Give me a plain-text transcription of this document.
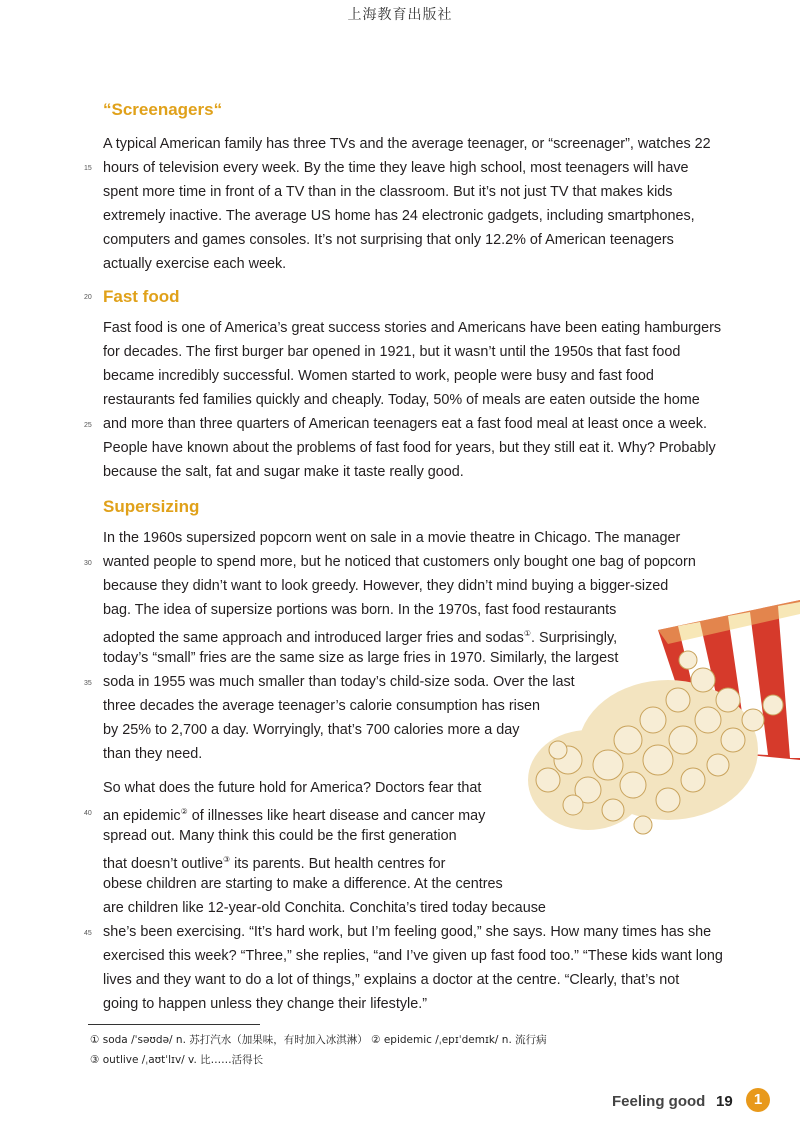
上海教育出版社
“Screenagers“
A typical American family has three TVs and the average teenager, or “screenager”, watches 22
hours of television every week. By the time they leave high school, most teenagers will have
spent more time in front of a TV than in the classroom. But it’s not just TV that makes kids
extremely inactive. The average US home has 24 electronic gadgets, including smartphones,
computers and games consoles. It’s not surprising that only 12.2% of American teenagers
actually exercise each week.
15
Fast food
20
Fast food is one of America’s great success stories and Americans have been eating hamburgers
for decades. The first burger bar opened in 1921, but it wasn’t until the 1950s that fast food
became incredibly successful. Women started to work, people were busy and fast food
restaurants fed families quickly and cheaply. Today, 50% of meals are eaten outside the home
and more than three quarters of American teenagers eat a fast food meal at least once a week.
People have known about the problems of fast food for years, but they still eat it. Why? Probably
because the salt, fat and sugar make it taste really good.
25
Supersizing
In the 1960s supersized popcorn went on sale in a movie theatre in Chicago. The manager
wanted people to spend more, but he noticed that customers only bought one bag of popcorn
because they didn’t want to look greedy. However, they didn’t mind buying a bigger-sized
bag. The idea of supersize portions was born. In the 1970s, fast food restaurants
adopted the same approach and introduced larger fries and sodas①. Surprisingly,
today’s “small” fries are the same size as large fries in 1970. Similarly, the largest
soda in 1955 was much smaller than today’s child-size soda. Over the last
three decades the average teenager’s calorie consumption has risen
by 25% to 2,700 a day. Worryingly, that’s 700 calories more a day
than they need.
30
35
So what does the future hold for America? Doctors fear that
an epidemic② of illnesses like heart disease and cancer may
spread out. Many think this could be the first generation
that doesn’t outlive③ its parents. But health centres for
obese children are starting to make a difference. At the centres
are children like 12-year-old Conchita. Conchita’s tired today because
she’s been exercising. “It’s hard work, but I’m feeling good,” she says. How many times has she
exercised this week? “Three,” she replies, “and I’ve given up fast food too.” “These kids want long
lives and they want to do a lot of things,” explains a doctor at the centre. “Clearly, that’s not
going to happen unless they change their lifestyle.”
40
45
① soda /ˈsəʊdə/ n. 苏打汽水（加果味，有时加入冰淇淋） ② epidemic /ˌepɪˈdemɪk/ n. 流行病
③ outlive /ˌaʊtˈlɪv/ v. 比……活得长
Feeling good 19	1
